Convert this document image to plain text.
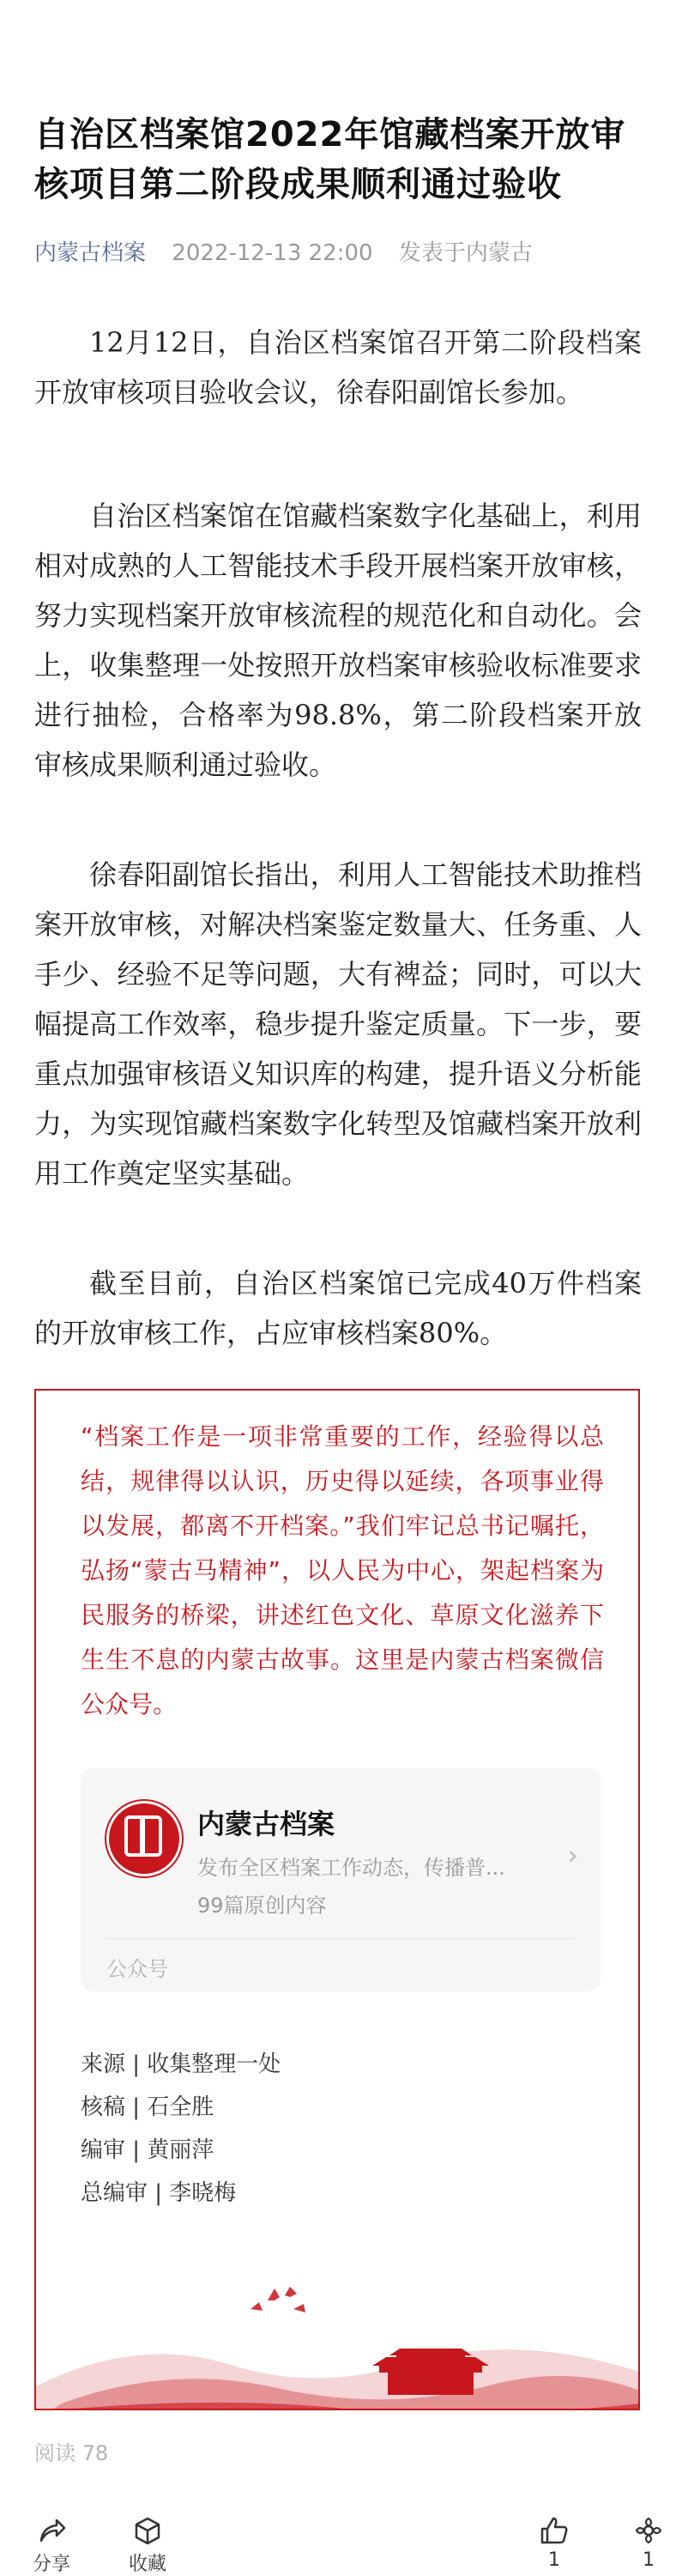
自治区档案馆2022年馆藏档案开放审核项目第二阶段成果顺利通过验收
内蒙古档案 2022-12-13 22:00 发表于内蒙古

12月12日，自治区档案馆召开第二阶段档案开放审核项目验收会议，徐春阳副馆长参加。

自治区档案馆在馆藏档案数字化基础上，利用相对成熟的人工智能技术手段开展档案开放审核，努力实现档案开放审核流程的规范化和自动化。会上，收集整理一处按照开放档案审核验收标准要求进行抽检，合格率为98.8%，第二阶段档案开放审核成果顺利通过验收。

徐春阳副馆长指出，利用人工智能技术助推档案开放审核，对解决档案鉴定数量大、任务重、人手少、经验不足等问题，大有裨益；同时，可以大幅提高工作效率，稳步提升鉴定质量。下一步，要重点加强审核语义知识库的构建，提升语义分析能力，为实现馆藏档案数字化转型及馆藏档案开放利用工作奠定坚实基础。

截至目前，自治区档案馆已完成40万件档案的开放审核工作，占应审核档案80%。

“档案工作是一项非常重要的工作，经验得以总结，规律得以认识，历史得以延续，各项事业得以发展，都离不开档案。”我们牢记总书记嘱托，弘扬“蒙古马精神”，以人民为中心，架起档案为民服务的桥梁，讲述红色文化、草原文化滋养下生生不息的内蒙古故事。这里是内蒙古档案微信公众号。

内蒙古档案
发布全区档案工作动态，传播普...
99篇原创内容
›
公众号
来源 | 收集整理一处
核稿 | 石全胜
编审 | 黄丽萍
总编审 | 李晓梅
阅读 78
分享	收藏	1	1
